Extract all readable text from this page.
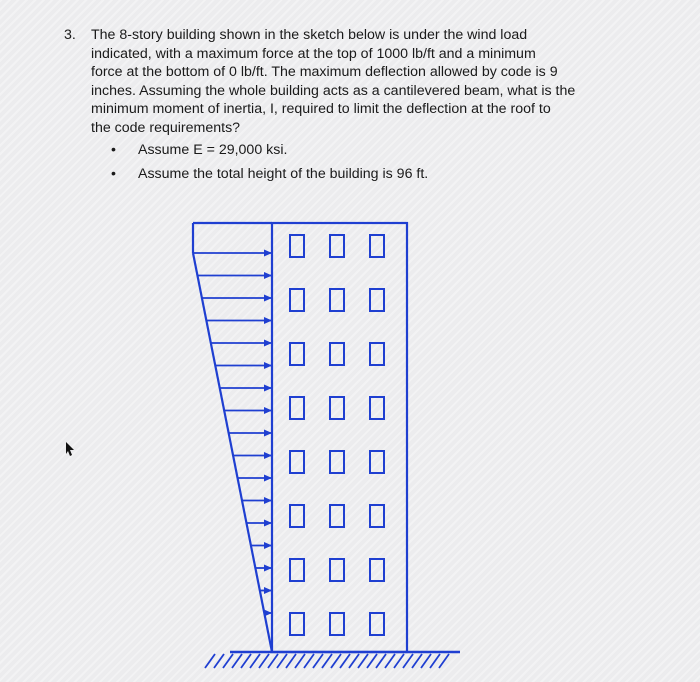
3. The 8-story building shown in the sketch below is under the wind load
indicated, with a maximum force at the top of 1000 lb/ft and a minimum
force at the bottom of 0 lb/ft. The maximum deflection allowed by code is 9
inches. Assuming the whole building acts as a cantilevered beam, what is the
minimum moment of inertia, I, required to limit the deflection at the roof to
the code requirements?
• Assume E = 29,000 ksi.
• Assume the total height of the building is 96 ft.
